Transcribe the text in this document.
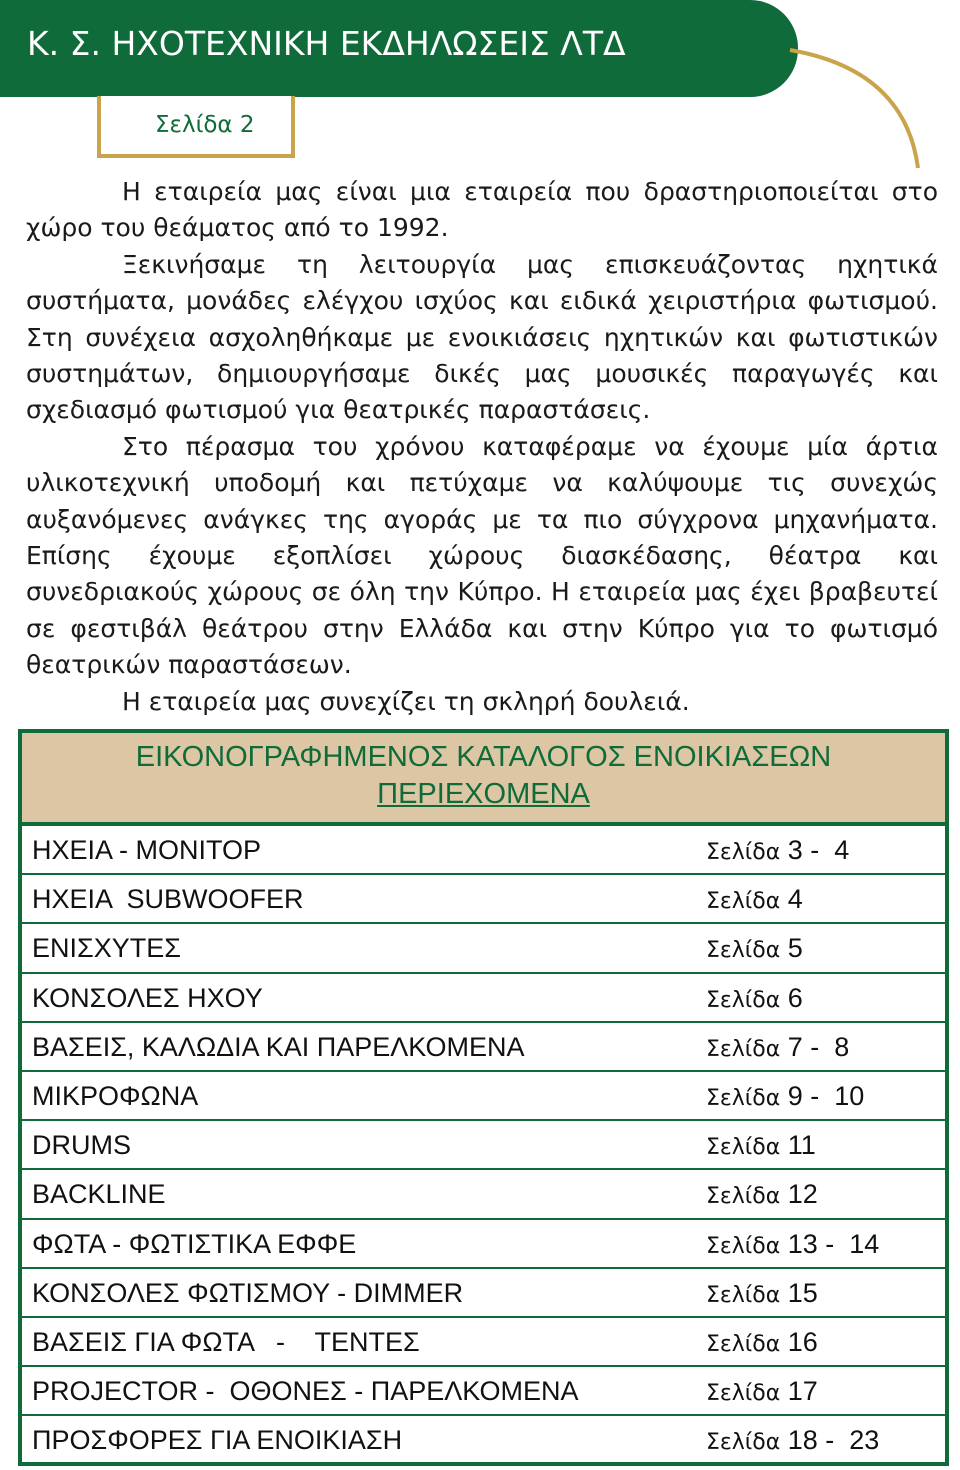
Κ. Σ. ΗΧΟΤΕΧΝΙΚΗ ΕΚΔΗΛΩΣΕΙΣ ΛΤΔ
Σελίδα 2

Η εταιρεία μας είναι μια εταιρεία που δραστηριοποιείται στο χώρο του θεάματος από το 1992.

Ξεκινήσαμε τη λειτουργία μας επισκευάζοντας ηχητικά συστήματα, μονάδες ελέγχου ισχύος και ειδικά χειριστήρια φωτισμού. Στη συνέχεια ασχοληθήκαμε με ενοικιάσεις ηχητικών και φωτιστικών συστημάτων, δημιουργήσαμε δικές μας μουσικές παραγωγές και σχεδιασμό φωτισμού για θεατρικές παραστάσεις.

Στο πέρασμα του χρόνου καταφέραμε να έχουμε μία άρτια υλικοτεχνική υποδομή και πετύχαμε να καλύψουμε τις συνεχώς αυξανόμενες ανάγκες της αγοράς με τα πιο σύγχρονα μηχανήματα. Επίσης έχουμε εξοπλίσει χώρους διασκέδασης, θέατρα και συνεδριακούς χώρους σε όλη την Κύπρο. Η εταιρεία μας έχει βραβευτεί σε φεστιβάλ θεάτρου στην Ελλάδα και στην Κύπρο για το φωτισμό θεατρικών παραστάσεων.

Η εταιρεία μας συνεχίζει τη σκληρή δουλειά.

ΕΙΚΟΝΟΓΡΑΦΗΜΕΝΟΣ ΚΑΤΑΛΟΓΟΣ ΕΝΟΙΚΙΑΣΕΩΝ
ΠΕΡΙΕΧΟΜΕΝΑ
ΗΧΕΙΑ - ΜΟΝΙΤΟΡ	Σελίδα 3 -  4
ΗΧΕΙΑ  SUBWOOFER	Σελίδα 4
ΕΝΙΣΧΥΤΕΣ	Σελίδα 5
ΚΟΝΣΟΛΕΣ ΗΧΟΥ	Σελίδα 6
ΒΑΣΕΙΣ, ΚΑΛΩΔΙΑ ΚΑΙ ΠΑΡΕΛΚΟΜΕΝΑ	Σελίδα 7 -  8
ΜΙΚΡΟΦΩΝΑ	Σελίδα 9 -  10
DRUMS	Σελίδα 11
BACKLINE	Σελίδα 12
ΦΩΤΑ - ΦΩΤΙΣΤΙΚΑ ΕΦΦΕ	Σελίδα 13 -  14
ΚΟΝΣΟΛΕΣ ΦΩΤΙΣΜΟΥ - DIMMER	Σελίδα 15
ΒΑΣΕΙΣ ΓΙΑ ΦΩΤΑ   -    ΤΕΝΤΕΣ	Σελίδα 16
PROJECTOR -  ΟΘΟΝΕΣ - ΠΑΡΕΛΚΟΜΕΝΑ	Σελίδα 17
ΠΡΟΣΦΟΡΕΣ ΓΙΑ ΕΝΟΙΚΙΑΣΗ	Σελίδα 18 -  23
